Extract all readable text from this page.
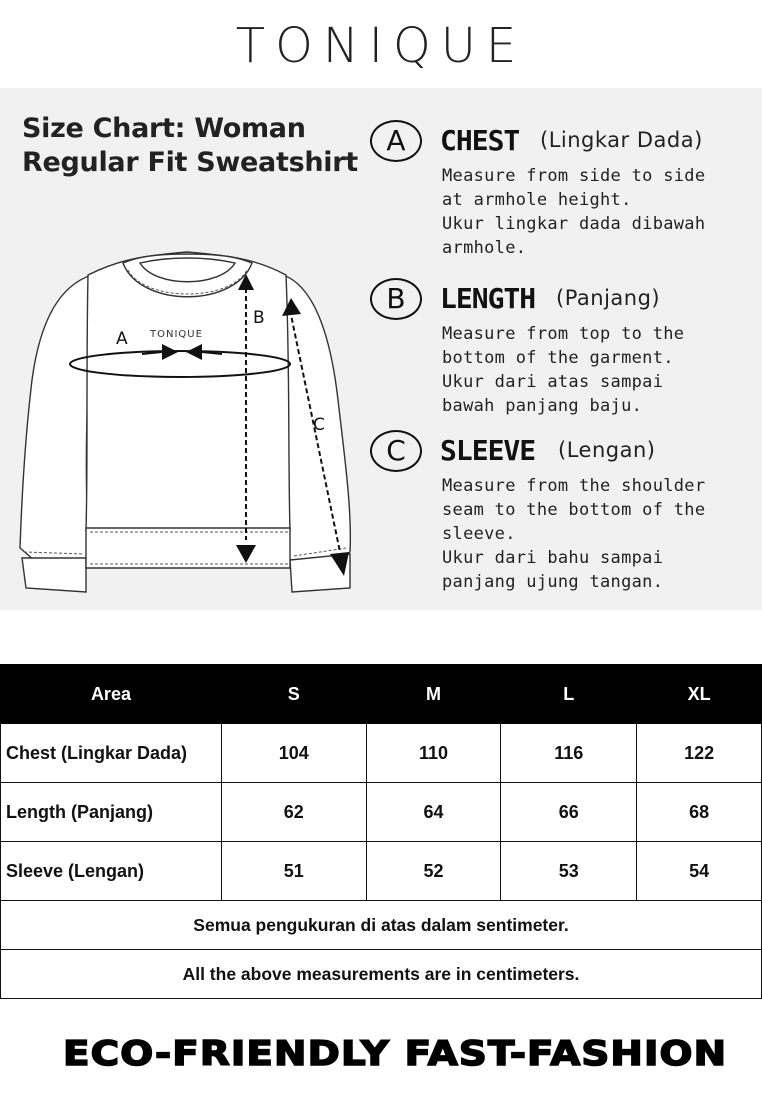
TONIQUE
Size Chart: Woman Regular Fit Sweatshirt
A
B
C
TONIQUE
A	CHEST (Lingkar Dada)
Measure from side to side
at armhole height.
Ukur lingkar dada dibawah
armhole.
B	LENGTH (Panjang)
Measure from top to the
bottom of the garment.
Ukur dari atas sampai
bawah panjang baju.
C	SLEEVE (Lengan)
Measure from the shoulder
seam to the bottom of the
sleeve.
Ukur dari bahu sampai
panjang ujung tangan.
Area	S	M	L	XL
Chest (Lingkar Dada)	104	110	116	122
Length (Panjang)	62	64	66	68
Sleeve (Lengan)	51	52	53	54
Semua pengukuran di atas dalam sentimeter.				
All the above measurements are in centimeters.				
ECO-FRIENDLY FAST-FASHION
